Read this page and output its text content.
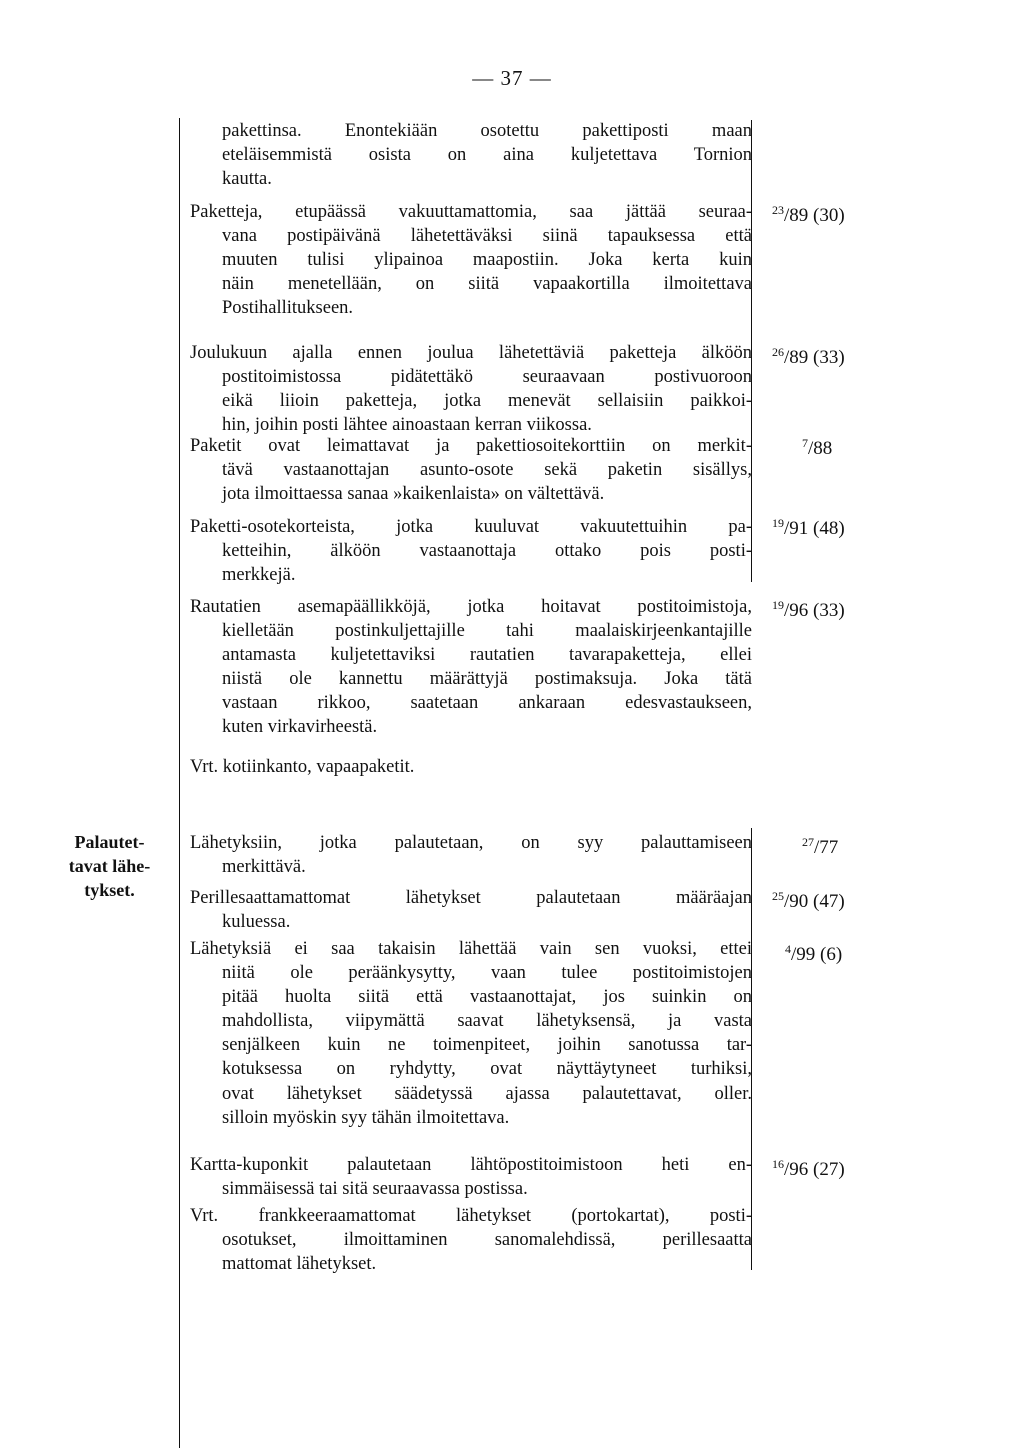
— 37 —
pakettinsa. Enontekiään osotettu pakettiposti maan
eteläisemmistä osista on aina kuljetettava Tornion
kautta.
Paketteja, etupäässä vakuuttamattomia, saa jättää seuraa-
vana postipäivänä lähetettäväksi siinä tapauksessa että
muuten tulisi ylipainoa maapostiin. Joka kerta kuin
näin menetellään, on siitä vapaakortilla ilmoitettava
Postihallitukseen.
Joulukuun ajalla ennen joulua lähetettäviä paketteja älköön
postitoimistossa pidätettäkö seuraavaan postivuoroon
eikä liioin paketteja, jotka menevät sellaisiin paikkoi-
hin, joihin posti lähtee ainoastaan kerran viikossa.
Paketit ovat leimattavat ja pakettiosoitekorttiin on merkit-
tävä vastaanottajan asunto-osote sekä paketin sisällys,
jota ilmoittaessa sanaa »kaikenlaista» on vältettävä.
Paketti-osotekorteista, jotka kuuluvat vakuutettuihin pa-
ketteihin, älköön vastaanottaja ottako pois posti-
merkkejä.
Rautatien asemapäällikköjä, jotka hoitavat postitoimistoja,
kielletään postinkuljettajille tahi maalaiskirjeenkantajille
antamasta kuljetettaviksi rautatien tavarapaketteja, ellei
niistä ole kannettu määrättyjä postimaksuja. Joka tätä
vastaan rikkoo, saatetaan ankaraan edesvastaukseen,
kuten virkavirheestä.
Vrt. kotiinkanto, vapaapaketit.
$^{23}$/89 (30)
$^{26}$/89 (33)
$^7$/88
$^{19}$/91 (48)
$^{19}$/96 (33)
Palautet-
tavat lähe-
tykset.
Lähetyksiin, jotka palautetaan, on syy palauttamiseen
merkittävä.
Perillesaattamattomat lähetykset palautetaan määräajan
kuluessa.
Lähetyksiä ei saa takaisin lähettää vain sen vuoksi, ettei
niitä ole peräänkysytty, vaan tulee postitoimistojen
pitää huolta siitä että vastaanottajat, jos suinkin on
mahdollista, viipymättä saavat lähetyksensä, ja vasta
senjälkeen kuin ne toimenpiteet, joihin sanotussa tar-
kotuksessa on ryhdytty, ovat näyttäytyneet turhiksi,
ovat lähetykset säädetyssä ajassa palautettavat, oller.
silloin myöskin syy tähän ilmoitettava.
Kartta-kuponkit palautetaan lähtöpostitoimistoon heti en-
simmäisessä tai sitä seuraavassa postissa.
Vrt. frankkeeraamattomat lähetykset (portokartat), posti-
osotukset, ilmoittaminen sanomalehdissä, perillesaatta
mattomat lähetykset.
$^{27}$/77
$^{25}$/90 (47)
$^4$/99 (6)
$^{16}$/96 (27)
